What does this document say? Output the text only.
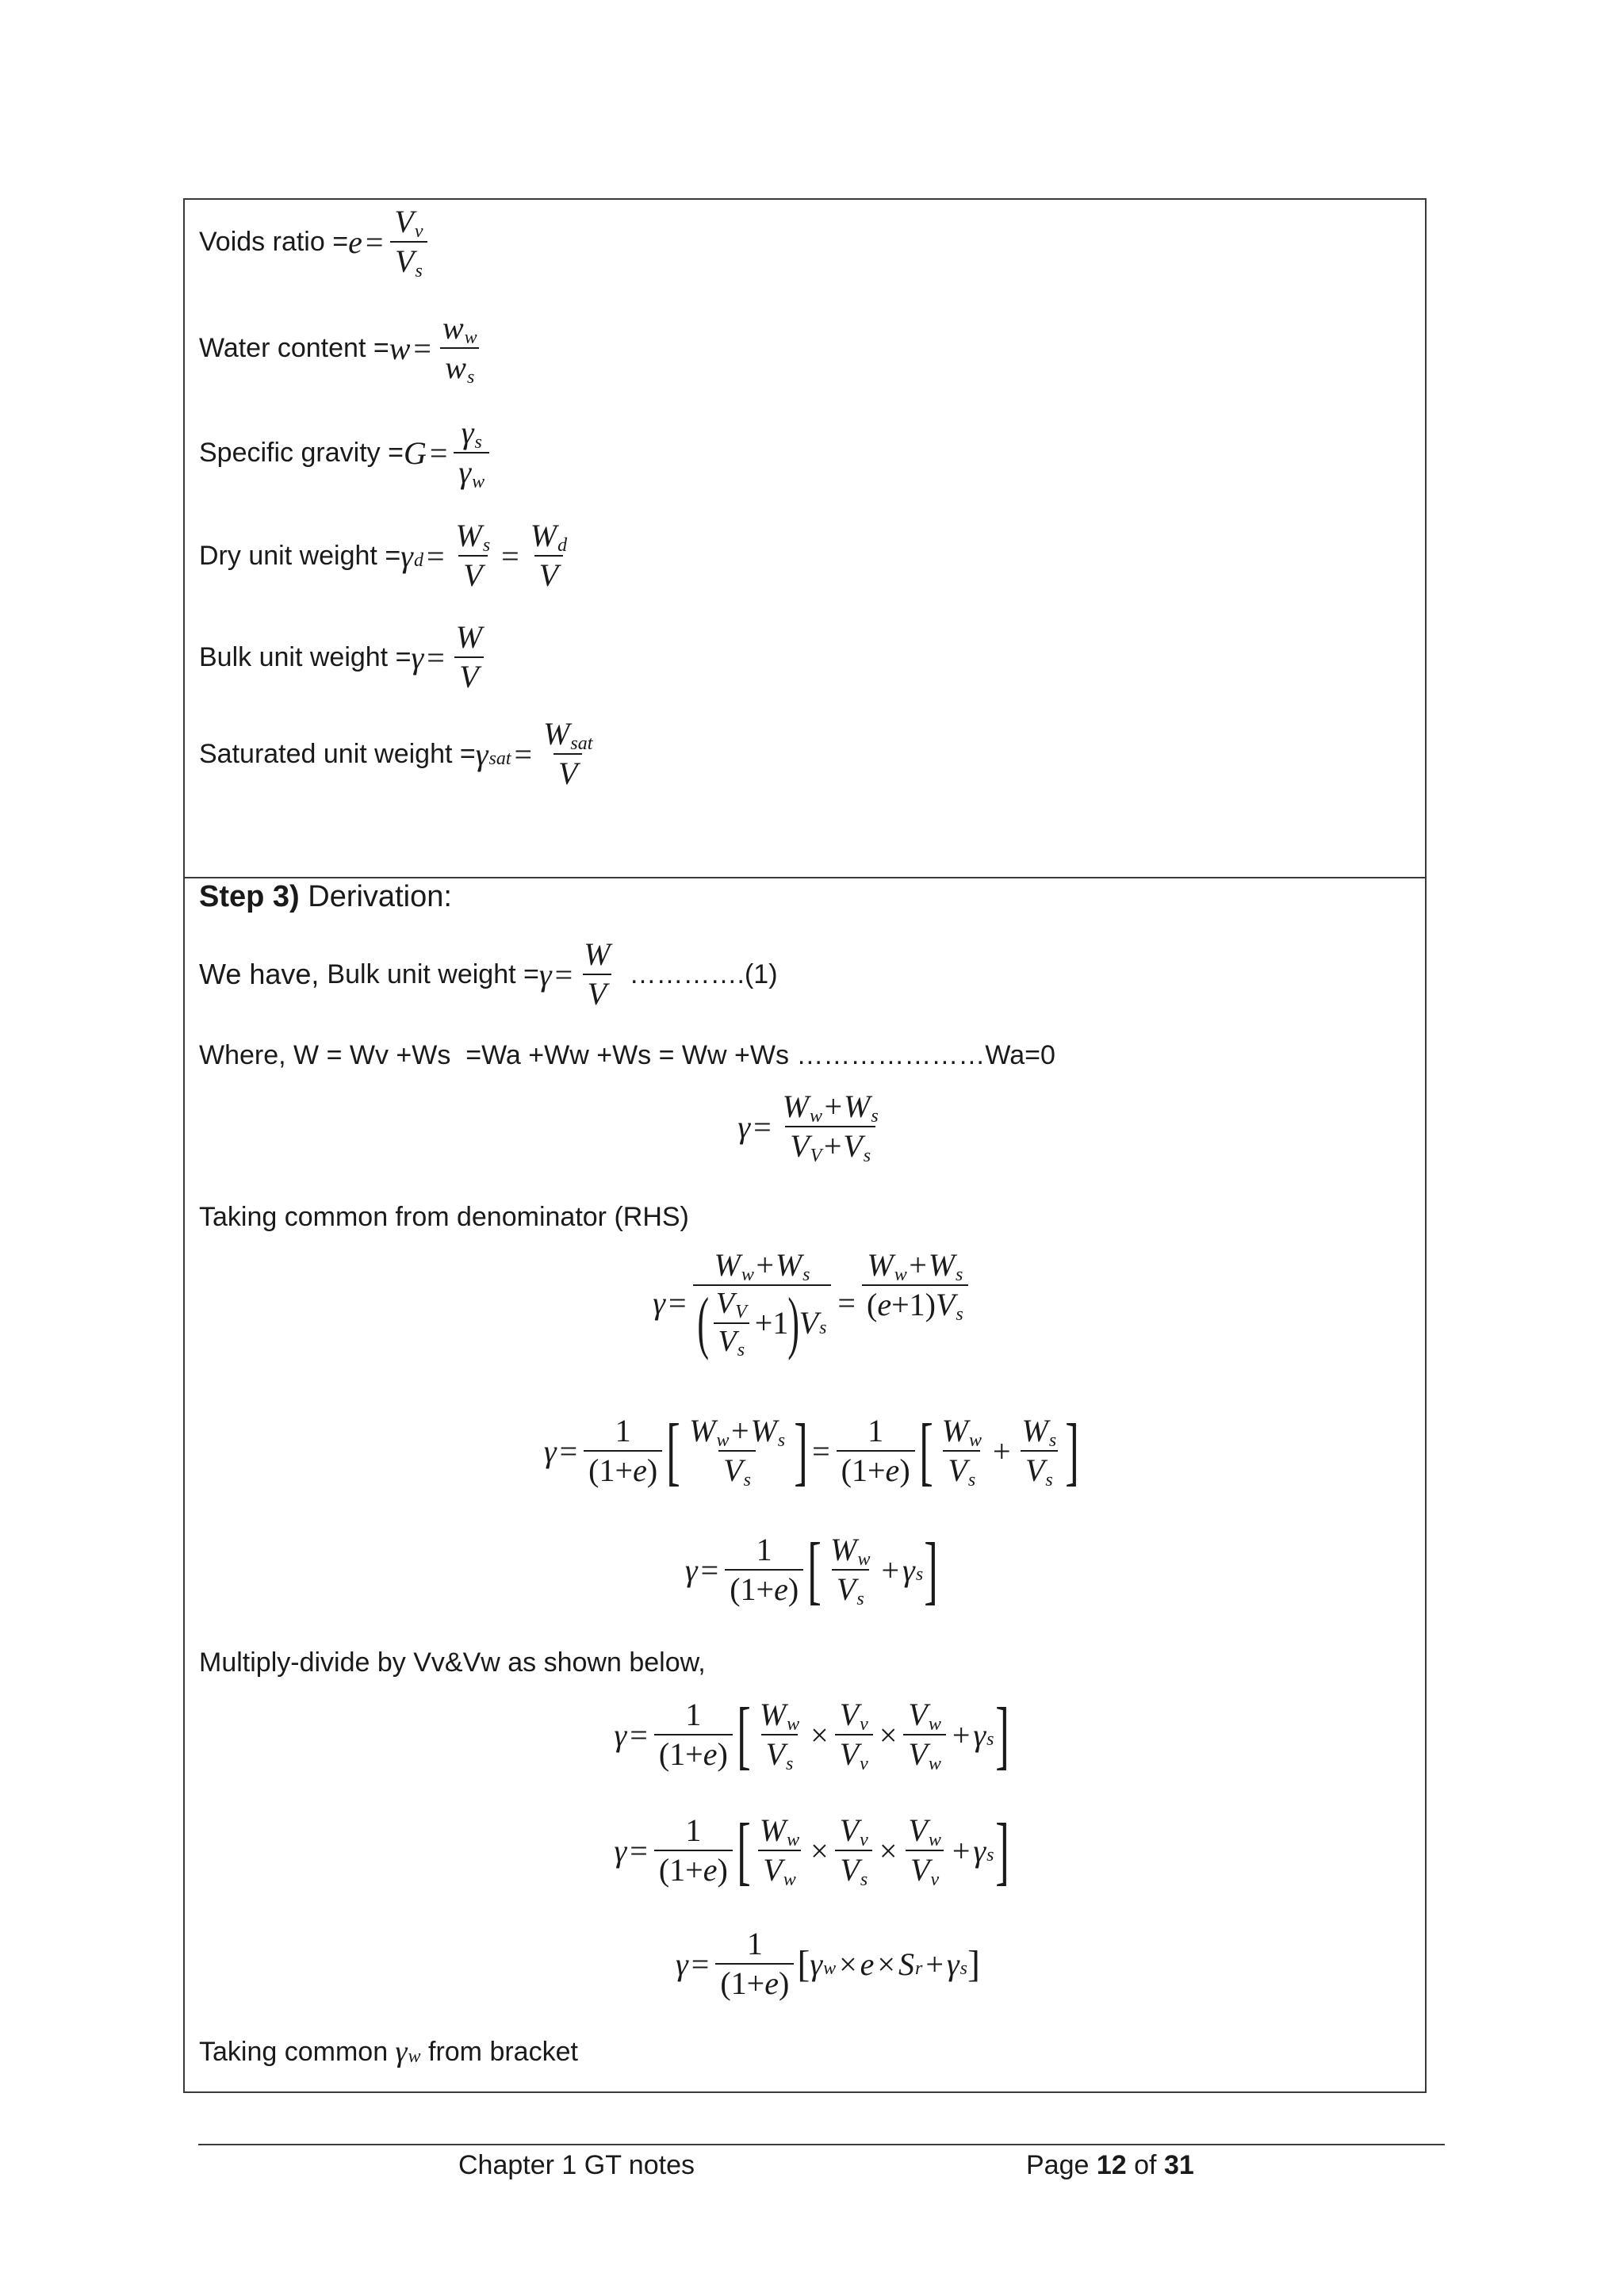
Voids ratio = $e = \frac{V_v}{V_s}$
Water content = $w = \frac{w_w}{w_s}$
Specific gravity = $G = \frac{\gamma_s}{\gamma_w}$
Dry unit weight = $\gamma_d = \frac{W_s}{V} = \frac{W_d}{V}$
Bulk unit weight = $\gamma = \frac{W}{V}$
Saturated unit weight = $\gamma_{sat} = \frac{W_{sat}}{V}$
Step 3) Derivation:
We have, Bulk unit weight = $\gamma = \frac{W}{V}$ ………….(1)
Where, W = Wv +Ws  =Wa +Ww +Ws = Ww +Ws …………………Wa=0
$\gamma = \frac{W_w+W_s}{V_V+V_s}$
Taking common from denominator (RHS)
$\gamma = \frac{W_w+W_s}{( \frac{V_V}{V_s} +1 ) V_s} = \frac{W_w+W_s}{(e+1)V_s}$
$\gamma = \frac{1}{(1+e)}$ [ $\frac{W_w+W_s}{V_s}$ ] = $\frac{1}{(1+e)}$ [ $\frac{W_w}{V_s} + \frac{W_s}{V_s}$ ]
$\gamma = \frac{1}{(1+e)}$ [ $\frac{W_w}{V_s} + \gamma_s$ ]
Multiply-divide by Vv&Vw as shown below,
$\gamma = \frac{1}{(1+e)}$ [ $\frac{W_w}{V_s} \times \frac{V_v}{V_v} \times \frac{V_w}{V_w} + \gamma_s$ ]
$\gamma = \frac{1}{(1+e)}$ [ $\frac{W_w}{V_w} \times \frac{V_v}{V_s} \times \frac{V_w}{V_v} + \gamma_s$ ]
$\gamma = \frac{1}{(1+e)}$ [ $\gamma_w \times e \times S_r + \gamma_s$ ]
Taking common $\gamma_w$ from bracket
Chapter 1 GT notes	Page 12 of 31
